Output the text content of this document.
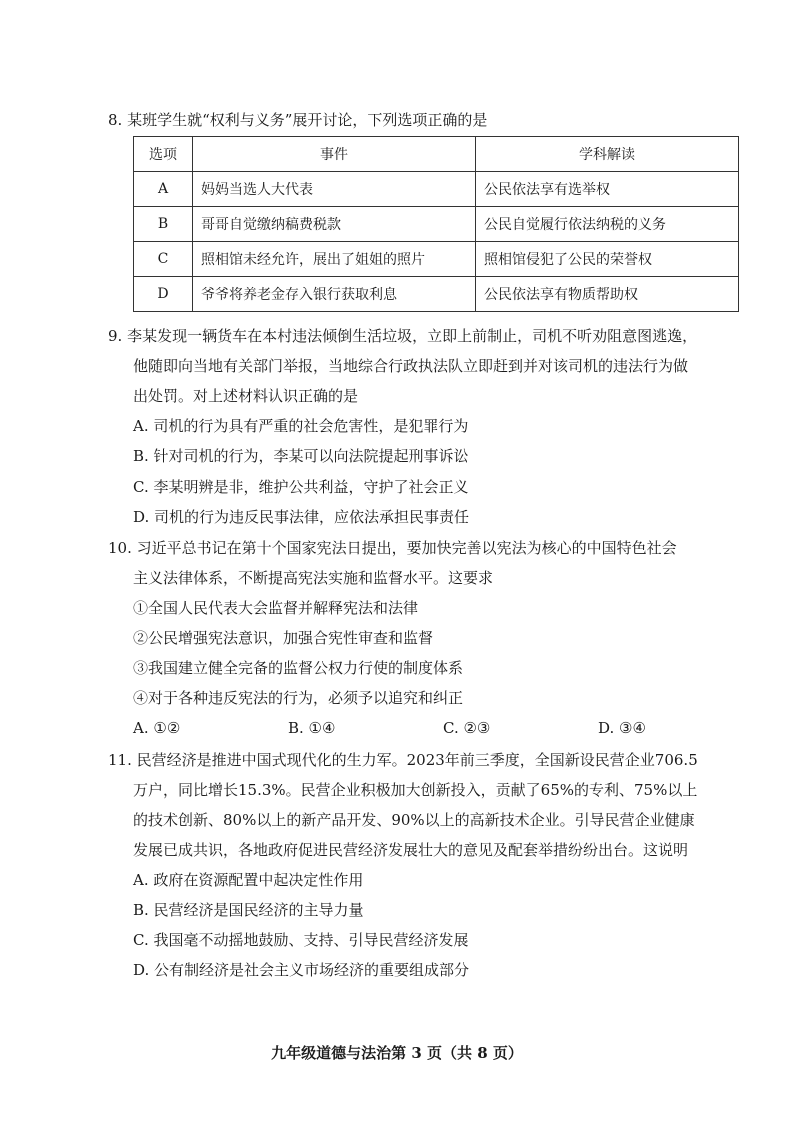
8. 某班学生就“权利与义务”展开讨论，下列选项正确的是
选项	事件	学科解读
A	妈妈当选人大代表	公民依法享有选举权
B	哥哥自觉缴纳稿费税款	公民自觉履行依法纳税的义务
C	照相馆未经允许，展出了姐姐的照片	照相馆侵犯了公民的荣誉权
D	爷爷将养老金存入银行获取利息	公民依法享有物质帮助权
9. 李某发现一辆货车在本村违法倾倒生活垃圾，立即上前制止，司机不听劝阻意图逃逸，
他随即向当地有关部门举报，当地综合行政执法队立即赶到并对该司机的违法行为做
出处罚。对上述材料认识正确的是
A. 司机的行为具有严重的社会危害性，是犯罪行为
B. 针对司机的行为，李某可以向法院提起刑事诉讼
C. 李某明辨是非，维护公共利益，守护了社会正义
D. 司机的行为违反民事法律，应依法承担民事责任
10. 习近平总书记在第十个国家宪法日提出，要加快完善以宪法为核心的中国特色社会
主义法律体系，不断提高宪法实施和监督水平。这要求
①全国人民代表大会监督并解释宪法和法律
②公民增强宪法意识，加强合宪性审查和监督
③我国建立健全完备的监督公权力行使的制度体系
④对于各种违反宪法的行为，必须予以追究和纠正
A. ①②	B. ①④	C. ②③	D. ③④
11. 民营经济是推进中国式现代化的生力军。2023年前三季度，全国新设民营企业706.5
万户，同比增长15.3%。民营企业积极加大创新投入，贡献了65%的专利、75%以上
的技术创新、80%以上的新产品开发、90%以上的高新技术企业。引导民营企业健康
发展已成共识，各地政府促进民营经济发展壮大的意见及配套举措纷纷出台。这说明
A. 政府在资源配置中起决定性作用
B. 民营经济是国民经济的主导力量
C. 我国毫不动摇地鼓励、支持、引导民营经济发展
D. 公有制经济是社会主义市场经济的重要组成部分
九年级道德与法治第 3 页（共 8 页）
